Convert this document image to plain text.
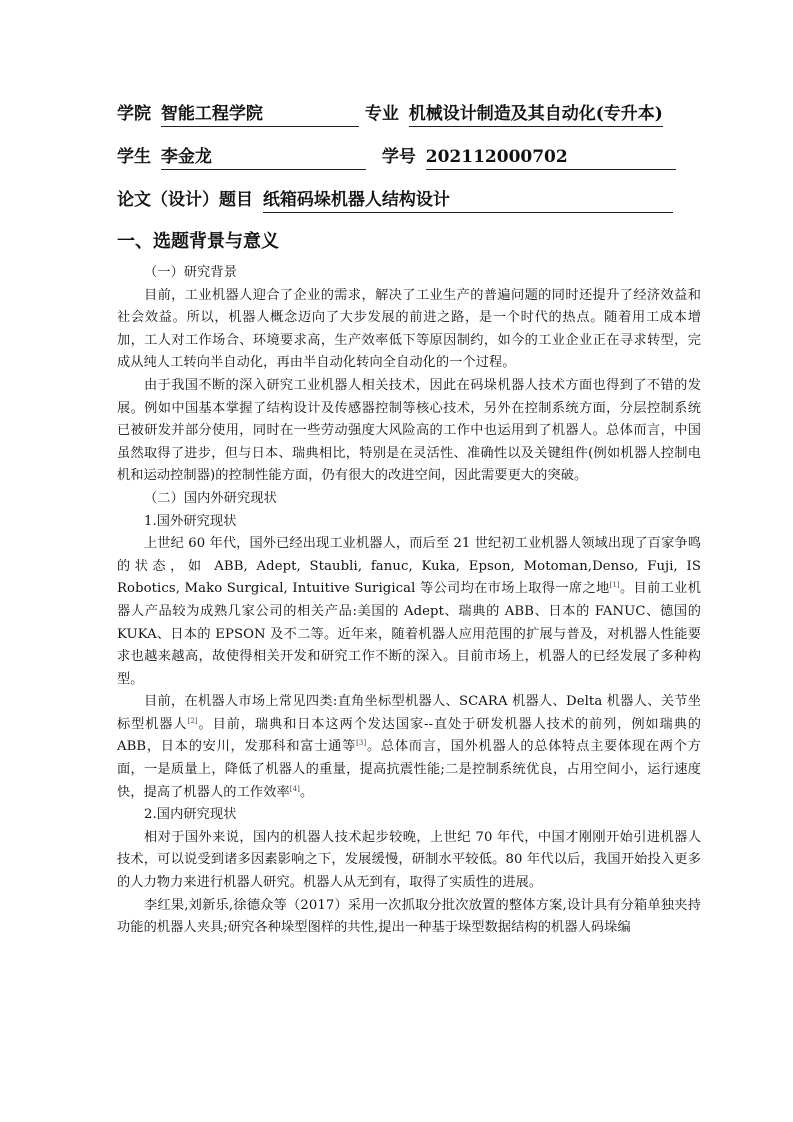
学院 智能工程学院	专业 机械设计制造及其自动化(专升本)
学生 李金龙	学号 202112000702
论文（设计）题目 纸箱码垛机器人结构设计
一、选题背景与意义

（一）研究背景

目前，工业机器人迎合了企业的需求，解决了工业生产的普遍问题的同时还提升了经济效益和社会效益。所以，机器人概念迈向了大步发展的前进之路，是一个时代的热点。随着用工成本增加，工人对工作场合、环境要求高，生产效率低下等原因制约，如今的工业企业正在寻求转型，完成从纯人工转向半自动化，再由半自动化转向全自动化的一个过程。

由于我国不断的深入研究工业机器人相关技术，因此在码垛机器人技术方面也得到了不错的发展。例如中国基本掌握了结构设计及传感器控制等核心技术，另外在控制系统方面，分层控制系统已被研发并部分使用，同时在一些劳动强度大风险高的工作中也运用到了机器人。总体而言，中国虽然取得了进步，但与日本、瑞典相比，特别是在灵活性、准确性以及关键组件(例如机器人控制电机和运动控制器)的控制性能方面，仍有很大的改进空间，因此需要更大的突破。

（二）国内外研究现状

1.国外研究现状

上世纪 60 年代，国外已经出现工业机器人，而后至 21 世纪初工业机器人领域出现了百家争鸣的状态，如 ABB, Adept, Staubli, fanuc, Kuka, Epson, Motoman,Denso, Fuji, IS Robotics, Mako Surgical, Intuitive Surigical 等公司均在市场上取得一席之地[1]。目前工业机器人产品较为成熟几家公司的相关产品:美国的 Adept、瑞典的 ABB、日本的 FANUC、德国的 KUKA、日本的 EPSON 及不二等。近年来，随着机器人应用范围的扩展与普及，对机器人性能要求也越来越高，故使得相关开发和研究工作不断的深入。目前市场上，机器人的已经发展了多种构型。

目前，在机器人市场上常见四类:直角坐标型机器人、SCARA 机器人、Delta 机器人、关节坐标型机器人[2]。目前，瑞典和日本这两个发达国家--直处于研发机器人技术的前列，例如瑞典的 ABB，日本的安川，发那科和富士通等[3]。总体而言，国外机器人的总体特点主要体现在两个方面，一是质量上，降低了机器人的重量，提高抗震性能;二是控制系统优良，占用空间小，运行速度快，提高了机器人的工作效率[4]。

2.国内研究现状

相对于国外来说，国内的机器人技术起步较晚，上世纪 70 年代，中国才刚刚开始引进机器人技术，可以说受到诸多因素影响之下，发展缓慢，研制水平较低。80 年代以后，我国开始投入更多的人力物力来进行机器人研究。机器人从无到有，取得了实质性的进展。

李红果,刘新乐,徐德众等（2017）采用一次抓取分批次放置的整体方案,设计具有分箱单独夹持功能的机器人夹具;研究各种垛型图样的共性,提出一种基于垛型数据结构的机器人码垛编
